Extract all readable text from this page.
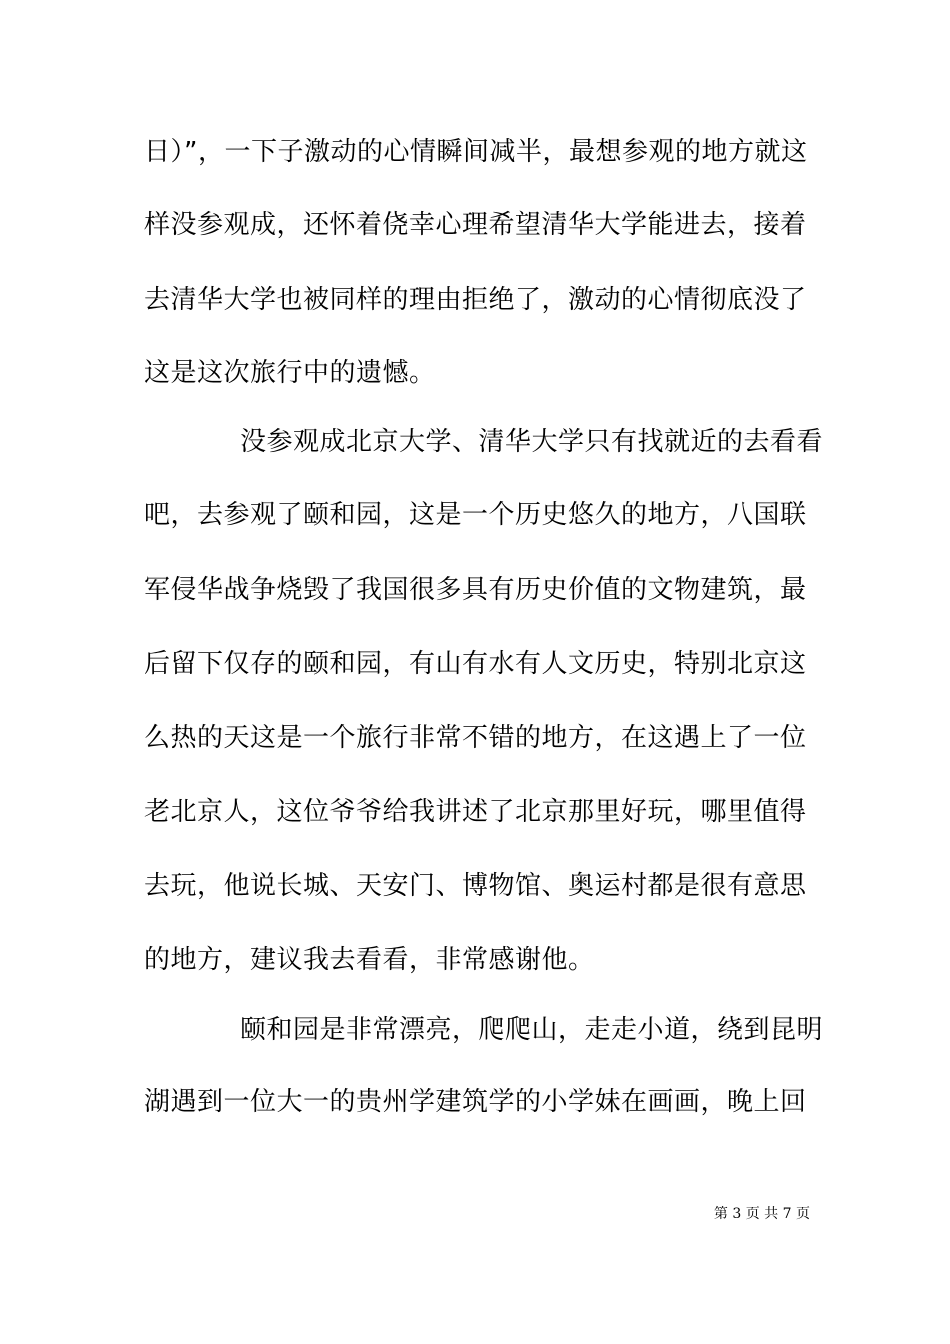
日）”，一下子激动的心情瞬间减半，最想参观的地方就这
样没参观成，还怀着侥幸心理希望清华大学能进去，接着
去清华大学也被同样的理由拒绝了，激动的心情彻底没了
这是这次旅行中的遗憾。
没参观成北京大学、清华大学只有找就近的去看看
吧，去参观了颐和园，这是一个历史悠久的地方，八国联
军侵华战争烧毁了我国很多具有历史价值的文物建筑，最
后留下仅存的颐和园，有山有水有人文历史，特别北京这
么热的天这是一个旅行非常不错的地方，在这遇上了一位
老北京人，这位爷爷给我讲述了北京那里好玩，哪里值得
去玩，他说长城、天安门、博物馆、奥运村都是很有意思
的地方，建议我去看看，非常感谢他。
颐和园是非常漂亮，爬爬山，走走小道，绕到昆明
湖遇到一位大一的贵州学建筑学的小学妹在画画，晚上回
第 3 页 共 7 页
